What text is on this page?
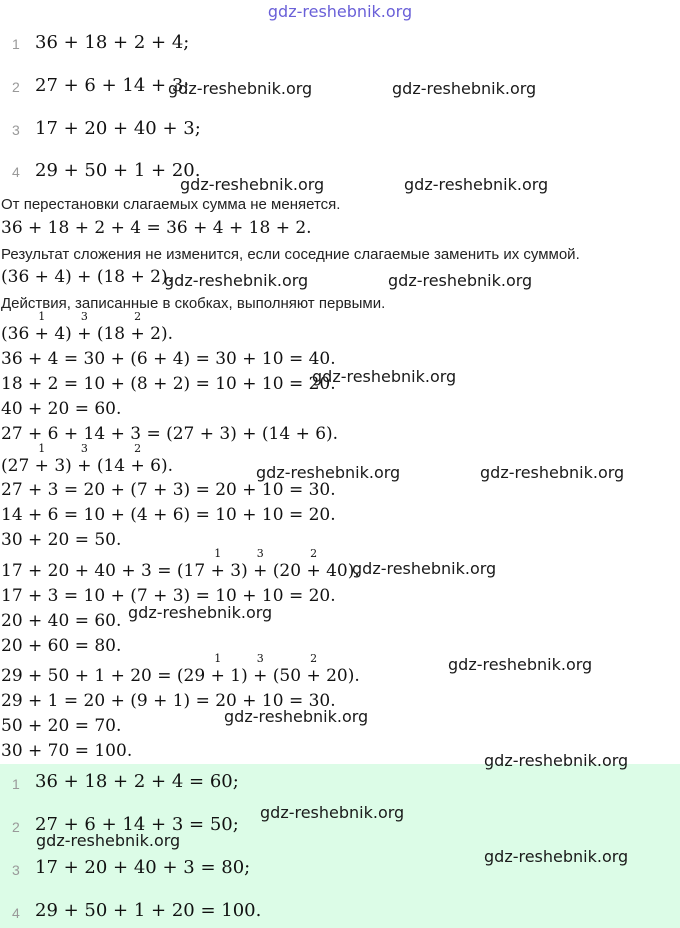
gdz-reshebnik.org
1 36 + 18 + 2 + 4;
2 27 + 6 + 14 + 3;
3 17 + 20 + 40 + 3;
4 29 + 50 + 1 + 20.
От перестановки слагаемых сумма не меняется.
36 + 18 + 2 + 4 = 36 + 4 + 18 + 2.
Результат сложения не изменится, если соседние слагаемые заменить их суммой.
(36 + 4) + (18 + 2).
Действия, записанные в скобках, выполняют первыми.
(36 +
1
4) +
3
(18 +
2
2).
36 + 4 = 30 + (6 + 4) = 30 + 10 = 40.
18 + 2 = 10 + (8 + 2) = 10 + 10 = 20.
40 + 20 = 60.
27 + 6 + 14 + 3 = (27 + 3) + (14 + 6).
(27 +
1
3) +
3
(14 +
2
6).
27 + 3 = 20 + (7 + 3) = 20 + 10 = 30.
14 + 6 = 10 + (4 + 6) = 10 + 10 = 20.
30 + 20 = 50.
17 + 20 + 40 + 3 = (17 +
1
3) +
3
(20 +
2
40).
17 + 3 = 10 + (7 + 3) = 10 + 10 = 20.
20 + 40 = 60.
20 + 60 = 80.
29 + 50 + 1 + 20 = (29 +
1
1) +
3
(50 +
2
20).
29 + 1 = 20 + (9 + 1) = 20 + 10 = 30.
50 + 20 = 70.
30 + 70 = 100.
1 36 + 18 + 2 + 4 = 60;
2 27 + 6 + 14 + 3 = 50;
3 17 + 20 + 40 + 3 = 80;
4 29 + 50 + 1 + 20 = 100.
gdz-reshebnik.org	gdz-reshebnik.org
gdz-reshebnik.org	gdz-reshebnik.org
gdz-reshebnik.org	gdz-reshebnik.org
gdz-reshebnik.org
gdz-reshebnik.org	gdz-reshebnik.org
gdz-reshebnik.org
gdz-reshebnik.org
gdz-reshebnik.org
gdz-reshebnik.org
gdz-reshebnik.org
gdz-reshebnik.org
gdz-reshebnik.org
gdz-reshebnik.org
